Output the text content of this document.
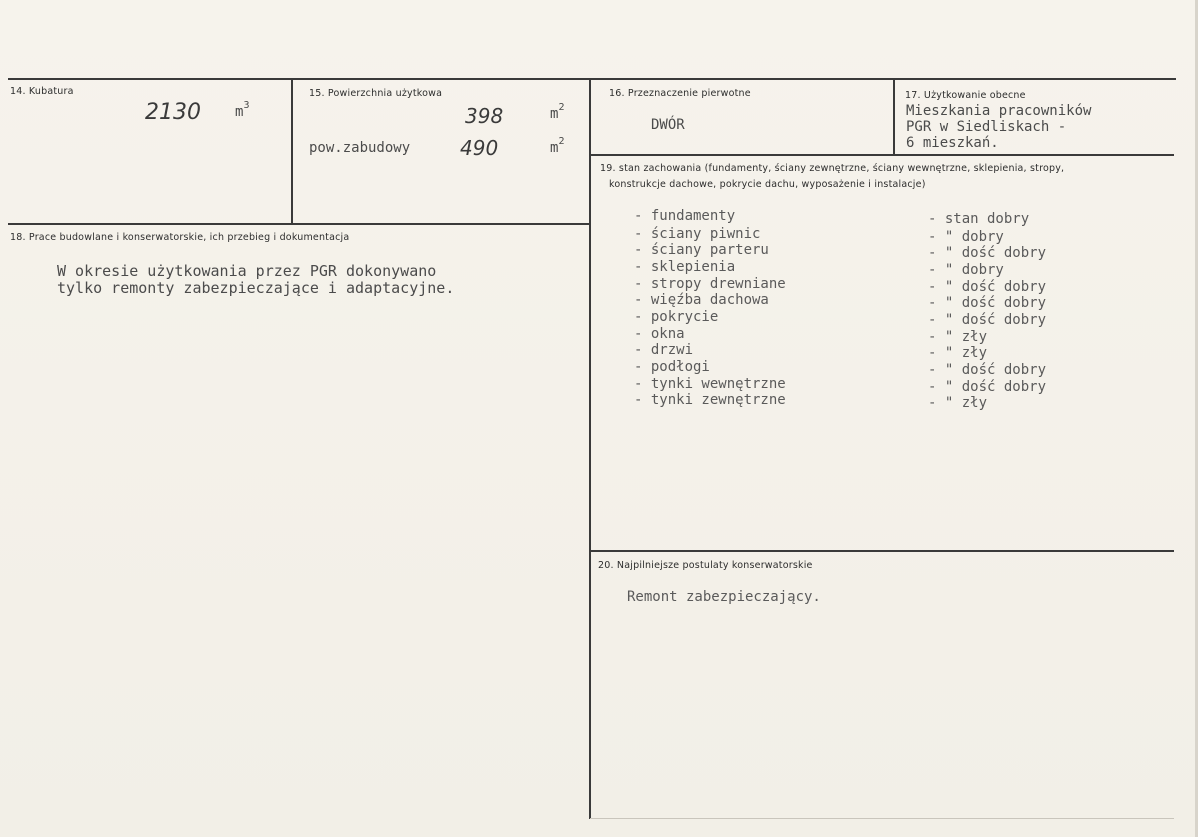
14. Kubatura
2130 $m^3$
15. Powierzchnia użytkowa
398	$m^2$
pow.zabudowy 490	$m^2$
16. Przeznaczenie pierwotne
DWÓR
17. Użytkowanie obecne
Mieszkania pracowników
PGR w Siedliskach -
6 mieszkań.
18. Prace budowlane i konserwatorskie, ich przebieg i dokumentacja
W okresie użytkowania przez PGR dokonywano
tylko remonty zabezpieczające i adaptacyjne.
19. stan zachowania (fundamenty, ściany zewnętrzne, ściany wewnętrzne, sklepienia, stropy,
konstrukcje dachowe, pokrycie dachu, wyposażenie i instalacje)
- fundamenty	- stan dobry
- ściany piwnic	- " dobry
- ściany parteru	- " dość dobry
- sklepienia	- " dobry
- stropy drewniane	- " dość dobry
- więźba dachowa	- " dość dobry
- pokrycie	- " dość dobry
- okna	- " zły
- drzwi	- " zły
- podłogi	- " dość dobry
- tynki wewnętrzne	- " dość dobry
- tynki zewnętrzne	- " zły
20. Najpilniejsze postulaty konserwatorskie
Remont zabezpieczający.
